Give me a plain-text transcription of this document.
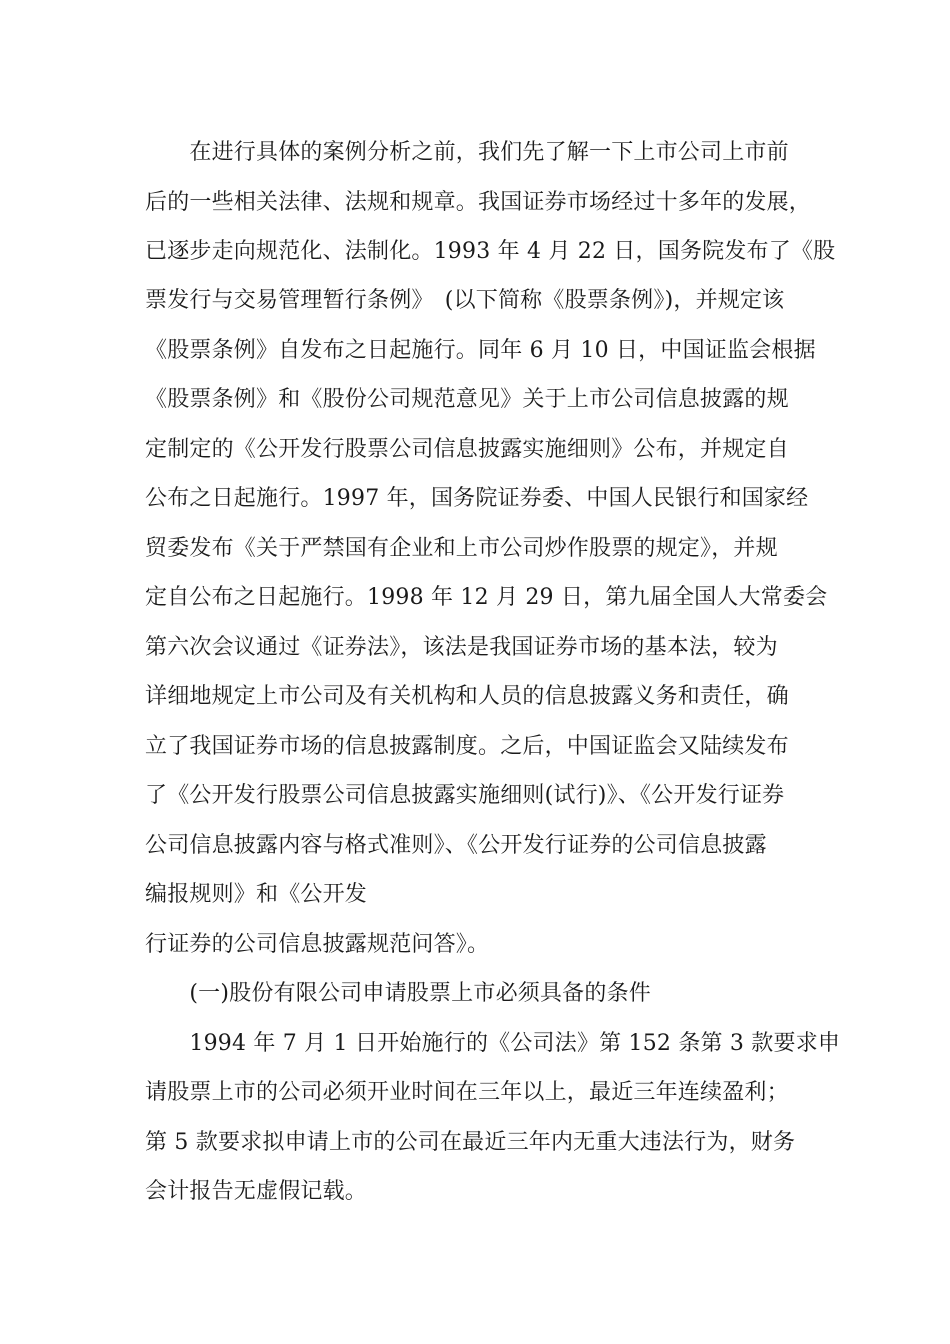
　　在进行具体的案例分析之前，我们先了解一下上市公司上市前
后的一些相关法律、法规和规章。我国证券市场经过十多年的发展，
已逐步走向规范化、法制化。1993 年 4 月 22 日，国务院发布了《股
票发行与交易管理暂行条例》　(以下简称《股票条例》)，并规定该
《股票条例》自发布之日起施行。同年 6 月 10 日，中国证监会根据
《股票条例》和《股份公司规范意见》关于上市公司信息披露的规
定制定的《公开发行股票公司信息披露实施细则》公布，并规定自
公布之日起施行。1997 年，国务院证券委、中国人民银行和国家经
贸委发布《关于严禁国有企业和上市公司炒作股票的规定》，并规
定自公布之日起施行。1998 年 12 月 29 日，第九届全国人大常委会
第六次会议通过《证券法》，该法是我国证券市场的基本法，较为
详细地规定上市公司及有关机构和人员的信息披露义务和责任，确
立了我国证券市场的信息披露制度。之后，中国证监会又陆续发布
了《公开发行股票公司信息披露实施细则(试行)》、《公开发行证券
公司信息披露内容与格式准则》、《公开发行证券的公司信息披露
编报规则》和《公开发
行证券的公司信息披露规范问答》。
　　(一)股份有限公司申请股票上市必须具备的条件
　　1994 年 7 月 1 日开始施行的《公司法》第 152 条第 3 款要求申
请股票上市的公司必须开业时间在三年以上，最近三年连续盈利；
第 5 款要求拟申请上市的公司在最近三年内无重大违法行为，财务
会计报告无虚假记载。
